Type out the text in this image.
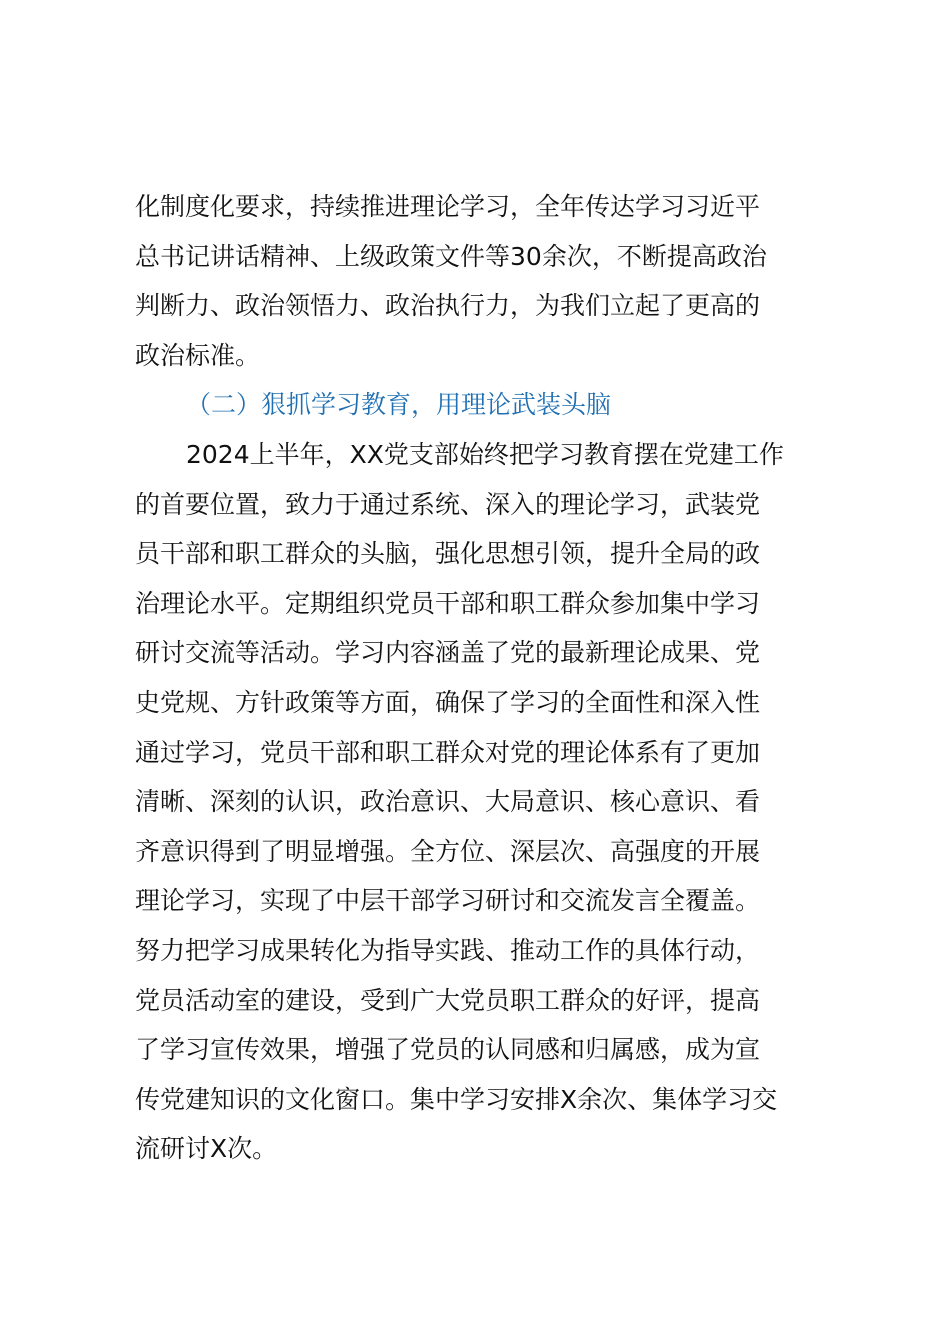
化制度化要求，持续推进理论学习，全年传达学习习近平
总书记讲话精神、上级政策文件等30余次，不断提高政治
判断力、政治领悟力、政治执行力，为我们立起了更高的
政治标准。
（二）狠抓学习教育，用理论武装头脑
2024上半年，XX党支部始终把学习教育摆在党建工作
的首要位置，致力于通过系统、深入的理论学习，武装党
员干部和职工群众的头脑，强化思想引领，提升全局的政
治理论水平。定期组织党员干部和职工群众参加集中学习
研讨交流等活动。学习内容涵盖了党的最新理论成果、党
史党规、方针政策等方面，确保了学习的全面性和深入性
通过学习，党员干部和职工群众对党的理论体系有了更加
清晰、深刻的认识，政治意识、大局意识、核心意识、看
齐意识得到了明显增强。全方位、深层次、高强度的开展
理论学习，实现了中层干部学习研讨和交流发言全覆盖。
努力把学习成果转化为指导实践、推动工作的具体行动，
党员活动室的建设，受到广大党员职工群众的好评，提高
了学习宣传效果，增强了党员的认同感和归属感，成为宣
传党建知识的文化窗口。集中学习安排X余次、集体学习交
流研讨X次。
